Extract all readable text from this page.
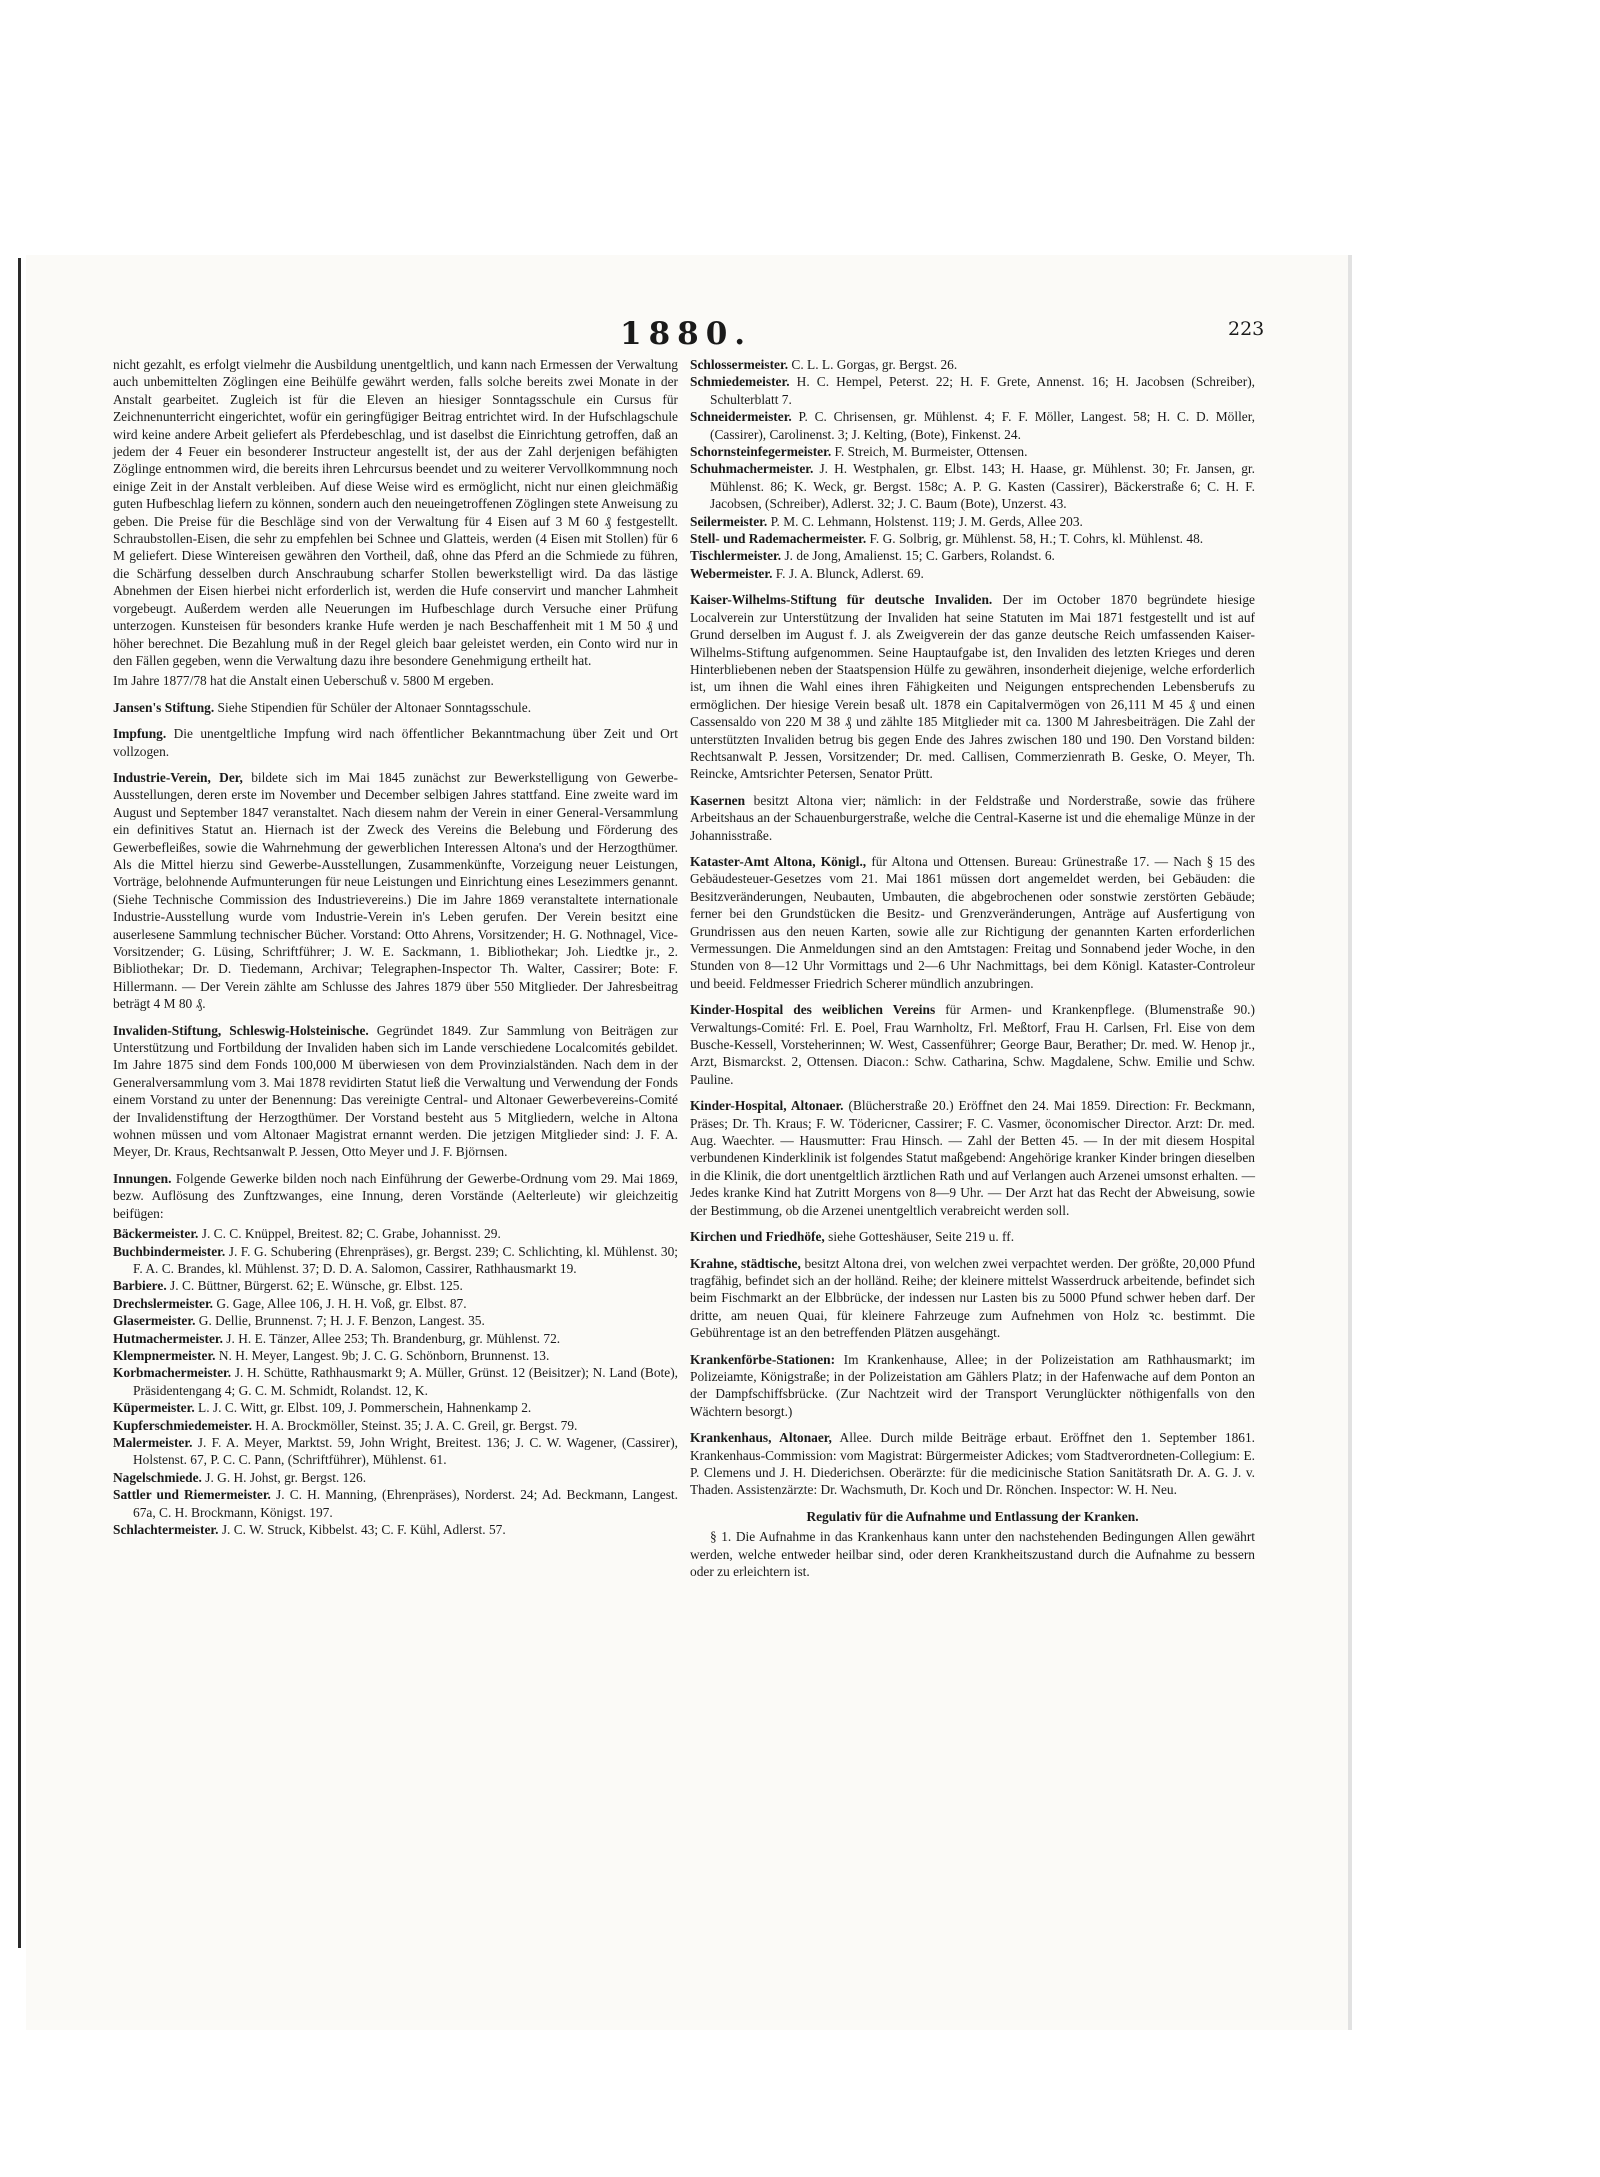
1880.	223

nicht gezahlt, es erfolgt vielmehr die Ausbildung unentgeltlich, und kann nach Ermessen der Verwaltung auch unbemittelten Zöglingen eine Beihülfe gewährt werden, falls solche bereits zwei Monate in der Anstalt gearbeitet. Zugleich ist für die Eleven an hiesiger Sonntagsschule ein Cursus für Zeichnenunterricht eingerichtet, wofür ein geringfügiger Beitrag entrichtet wird. In der Hufschlagschule wird keine andere Arbeit geliefert als Pferdebeschlag, und ist daselbst die Einrichtung getroffen, daß an jedem der 4 Feuer ein besonderer Instructeur angestellt ist, der aus der Zahl derjenigen befähigten Zöglinge entnommen wird, die bereits ihren Lehrcursus beendet und zu weiterer Vervollkommnung noch einige Zeit in der Anstalt verbleiben. Auf diese Weise wird es ermöglicht, nicht nur einen gleichmäßig guten Hufbeschlag liefern zu können, sondern auch den neueingetroffenen Zöglingen stete Anweisung zu geben. Die Preise für die Beschläge sind von der Verwaltung für 4 Eisen auf 3 M 60 ₰ festgestellt. Schraubstollen-Eisen, die sehr zu empfehlen bei Schnee und Glatteis, werden (4 Eisen mit Stollen) für 6 M geliefert. Diese Wintereisen gewähren den Vortheil, daß, ohne das Pferd an die Schmiede zu führen, die Schärfung desselben durch Anschraubung scharfer Stollen bewerkstelligt wird. Da das lästige Abnehmen der Eisen hierbei nicht erforderlich ist, werden die Hufe conservirt und mancher Lahmheit vorgebeugt. Außerdem werden alle Neuerungen im Hufbeschlage durch Versuche einer Prüfung unterzogen. Kunsteisen für besonders kranke Hufe werden je nach Beschaffenheit mit 1 M 50 ₰ und höher berechnet. Die Bezahlung muß in der Regel gleich baar geleistet werden, ein Conto wird nur in den Fällen gegeben, wenn die Verwaltung dazu ihre besondere Genehmigung ertheilt hat.

Im Jahre 1877/78 hat die Anstalt einen Ueberschuß v. 5800 M ergeben.

Jansen's Stiftung. Siehe Stipendien für Schüler der Altonaer Sonntagsschule.

Impfung. Die unentgeltliche Impfung wird nach öffentlicher Bekanntmachung über Zeit und Ort vollzogen.

Industrie-Verein, Der, bildete sich im Mai 1845 zunächst zur Bewerkstelligung von Gewerbe-Ausstellungen, deren erste im November und December selbigen Jahres stattfand. Eine zweite ward im August und September 1847 veranstaltet. Nach diesem nahm der Verein in einer General-Versammlung ein definitives Statut an. Hiernach ist der Zweck des Vereins die Belebung und Förderung des Gewerbefleißes, sowie die Wahrnehmung der gewerblichen Interessen Altona's und der Herzogthümer. Als die Mittel hierzu sind Gewerbe-Ausstellungen, Zusammenkünfte, Vorzeigung neuer Leistungen, Vorträge, belohnende Aufmunterungen für neue Leistungen und Einrichtung eines Lesezimmers genannt. (Siehe Technische Commission des Industrievereins.) Die im Jahre 1869 veranstaltete internationale Industrie-Ausstellung wurde vom Industrie-Verein in's Leben gerufen. Der Verein besitzt eine auserlesene Sammlung technischer Bücher. Vorstand: Otto Ahrens, Vorsitzender; H. G. Nothnagel, Vice-Vorsitzender; G. Lüsing, Schriftführer; J. W. E. Sackmann, 1. Bibliothekar; Joh. Liedtke jr., 2. Bibliothekar; Dr. D. Tiedemann, Archivar; Telegraphen-Inspector Th. Walter, Cassirer; Bote: F. Hillermann. — Der Verein zählte am Schlusse des Jahres 1879 über 550 Mitglieder. Der Jahresbeitrag beträgt 4 M 80 ₰.

Invaliden-Stiftung, Schleswig-Holsteinische. Gegründet 1849. Zur Sammlung von Beiträgen zur Unterstützung und Fortbildung der Invaliden haben sich im Lande verschiedene Localcomités gebildet. Im Jahre 1875 sind dem Fonds 100,000 M überwiesen von dem Provinzialständen. Nach dem in der Generalversammlung vom 3. Mai 1878 revidirten Statut ließ die Verwaltung und Verwendung der Fonds einem Vorstand zu unter der Benennung: Das vereinigte Central- und Altonaer Gewerbevereins-Comité der Invalidenstiftung der Herzogthümer. Der Vorstand besteht aus 5 Mitgliedern, welche in Altona wohnen müssen und vom Altonaer Magistrat ernannt werden. Die jetzigen Mitglieder sind: J. F. A. Meyer, Dr. Kraus, Rechtsanwalt P. Jessen, Otto Meyer und J. F. Björnsen.

Innungen. Folgende Gewerke bilden noch nach Einführung der Gewerbe-Ordnung vom 29. Mai 1869, bezw. Auflösung des Zunftzwanges, eine Innung, deren Vorstände (Aelterleute) wir gleichzeitig beifügen:

Bäckermeister. J. C. C. Knüppel, Breitest. 82; C. Grabe, Johannisst. 29.

Buchbindermeister. J. F. G. Schubering (Ehrenpräses), gr. Bergst. 239; C. Schlichting, kl. Mühlenst. 30; F. A. C. Brandes, kl. Mühlenst. 37; D. D. A. Salomon, Cassirer, Rathhausmarkt 19.

Barbiere. J. C. Büttner, Bürgerst. 62; E. Wünsche, gr. Elbst. 125.

Drechslermeister. G. Gage, Allee 106, J. H. H. Voß, gr. Elbst. 87.

Glasermeister. G. Dellie, Brunnenst. 7; H. J. F. Benzon, Langest. 35.

Hutmachermeister. J. H. E. Tänzer, Allee 253; Th. Brandenburg, gr. Mühlenst. 72.

Klempnermeister. N. H. Meyer, Langest. 9b; J. C. G. Schönborn, Brunnenst. 13.

Korbmachermeister. J. H. Schütte, Rathhausmarkt 9; A. Müller, Grünst. 12 (Beisitzer); N. Land (Bote), Präsidentengang 4; G. C. M. Schmidt, Rolandst. 12, K.

Küpermeister. L. J. C. Witt, gr. Elbst. 109, J. Pommerschein, Hahnenkamp 2.

Kupferschmiedemeister. H. A. Brockmöller, Steinst. 35; J. A. C. Greil, gr. Bergst. 79.

Malermeister. J. F. A. Meyer, Marktst. 59, John Wright, Breitest. 136; J. C. W. Wagener, (Cassirer), Holstenst. 67, P. C. C. Pann, (Schriftführer), Mühlenst. 61.

Nagelschmiede. J. G. H. Johst, gr. Bergst. 126.

Sattler und Riemermeister. J. C. H. Manning, (Ehrenpräses), Norderst. 24; Ad. Beckmann, Langest. 67a, C. H. Brockmann, Königst. 197.

Schlachtermeister. J. C. W. Struck, Kibbelst. 43; C. F. Kühl, Adlerst. 57.

Schlossermeister. C. L. L. Gorgas, gr. Bergst. 26.

Schmiedemeister. H. C. Hempel, Peterst. 22; H. F. Grete, Annenst. 16; H. Jacobsen (Schreiber), Schulterblatt 7.

Schneidermeister. P. C. Chrisensen, gr. Mühlenst. 4; F. F. Möller, Langest. 58; H. C. D. Möller, (Cassirer), Carolinenst. 3; J. Kelting, (Bote), Finkenst. 24.

Schornsteinfegermeister. F. Streich, M. Burmeister, Ottensen.

Schuhmachermeister. J. H. Westphalen, gr. Elbst. 143; H. Haase, gr. Mühlenst. 30; Fr. Jansen, gr. Mühlenst. 86; K. Weck, gr. Bergst. 158c; A. P. G. Kasten (Cassirer), Bäckerstraße 6; C. H. F. Jacobsen, (Schreiber), Adlerst. 32; J. C. Baum (Bote), Unzerst. 43.

Seilermeister. P. M. C. Lehmann, Holstenst. 119; J. M. Gerds, Allee 203.

Stell- und Rademachermeister. F. G. Solbrig, gr. Mühlenst. 58, H.; T. Cohrs, kl. Mühlenst. 48.

Tischlermeister. J. de Jong, Amalienst. 15; C. Garbers, Rolandst. 6.

Webermeister. F. J. A. Blunck, Adlerst. 69.

Kaiser-Wilhelms-Stiftung für deutsche Invaliden. Der im October 1870 begründete hiesige Localverein zur Unterstützung der Invaliden hat seine Statuten im Mai 1871 festgestellt und ist auf Grund derselben im August f. J. als Zweigverein der das ganze deutsche Reich umfassenden Kaiser-Wilhelms-Stiftung aufgenommen. Seine Hauptaufgabe ist, den Invaliden des letzten Krieges und deren Hinterbliebenen neben der Staatspension Hülfe zu gewähren, insonderheit diejenige, welche erforderlich ist, um ihnen die Wahl eines ihren Fähigkeiten und Neigungen entsprechenden Lebensberufs zu ermöglichen. Der hiesige Verein besaß ult. 1878 ein Capitalvermögen von 26,111 M 45 ₰ und einen Cassensaldo von 220 M 38 ₰ und zählte 185 Mitglieder mit ca. 1300 M Jahresbeiträgen. Die Zahl der unterstützten Invaliden betrug bis gegen Ende des Jahres zwischen 180 und 190. Den Vorstand bilden: Rechtsanwalt P. Jessen, Vorsitzender; Dr. med. Callisen, Commerzienrath B. Geske, O. Meyer, Th. Reincke, Amtsrichter Petersen, Senator Prütt.

Kasernen besitzt Altona vier; nämlich: in der Feldstraße und Norderstraße, sowie das frühere Arbeitshaus an der Schauenburgerstraße, welche die Central-Kaserne ist und die ehemalige Münze in der Johannisstraße.

Kataster-Amt Altona, Königl., für Altona und Ottensen. Bureau: Grünestraße 17. — Nach § 15 des Gebäudesteuer-Gesetzes vom 21. Mai 1861 müssen dort angemeldet werden, bei Gebäuden: die Besitzveränderungen, Neubauten, Umbauten, die abgebrochenen oder sonstwie zerstörten Gebäude; ferner bei den Grundstücken die Besitz- und Grenzveränderungen, Anträge auf Ausfertigung von Grundrissen aus den neuen Karten, sowie alle zur Richtigung der genannten Karten erforderlichen Vermessungen. Die Anmeldungen sind an den Amtstagen: Freitag und Sonnabend jeder Woche, in den Stunden von 8—12 Uhr Vormittags und 2—6 Uhr Nachmittags, bei dem Königl. Kataster-Controleur und beeid. Feldmesser Friedrich Scherer mündlich anzubringen.

Kinder-Hospital des weiblichen Vereins für Armen- und Krankenpflege. (Blumenstraße 90.) Verwaltungs-Comité: Frl. E. Poel, Frau Warnholtz, Frl. Meßtorf, Frau H. Carlsen, Frl. Eise von dem Busche-Kessell, Vorsteherinnen; W. West, Cassenführer; George Baur, Berather; Dr. med. W. Henop jr., Arzt, Bismarckst. 2, Ottensen. Diacon.: Schw. Catharina, Schw. Magdalene, Schw. Emilie und Schw. Pauline.

Kinder-Hospital, Altonaer. (Blücherstraße 20.) Eröffnet den 24. Mai 1859. Direction: Fr. Beckmann, Präses; Dr. Th. Kraus; F. W. Tödericner, Cassirer; F. C. Vasmer, öconomischer Director. Arzt: Dr. med. Aug. Waechter. — Hausmutter: Frau Hinsch. — Zahl der Betten 45. — In der mit diesem Hospital verbundenen Kinderklinik ist folgendes Statut maßgebend: Angehörige kranker Kinder bringen dieselben in die Klinik, die dort unentgeltlich ärztlichen Rath und auf Verlangen auch Arzenei umsonst erhalten. — Jedes kranke Kind hat Zutritt Morgens von 8—9 Uhr. — Der Arzt hat das Recht der Abweisung, sowie der Bestimmung, ob die Arzenei unentgeltlich verabreicht werden soll.

Kirchen und Friedhöfe, siehe Gotteshäuser, Seite 219 u. ff.

Krahne, städtische, besitzt Altona drei, von welchen zwei verpachtet werden. Der größte, 20,000 Pfund tragfähig, befindet sich an der holländ. Reihe; der kleinere mittelst Wasserdruck arbeitende, befindet sich beim Fischmarkt an der Elbbrücke, der indessen nur Lasten bis zu 5000 Pfund schwer heben darf. Der dritte, am neuen Quai, für kleinere Fahrzeuge zum Aufnehmen von Holz ꝛc. bestimmt. Die Gebührentage ist an den betreffenden Plätzen ausgehängt.

Krankenförbe-Stationen: Im Krankenhause, Allee; in der Polizeistation am Rathhausmarkt; im Polizeiamte, Königstraße; in der Polizeistation am Gählers Platz; in der Hafenwache auf dem Ponton an der Dampfschiffsbrücke. (Zur Nachtzeit wird der Transport Verunglückter nöthigenfalls von den Wächtern besorgt.)

Krankenhaus, Altonaer, Allee. Durch milde Beiträge erbaut. Eröffnet den 1. September 1861. Krankenhaus-Commission: vom Magistrat: Bürgermeister Adickes; vom Stadtverordneten-Collegium: E. P. Clemens und J. H. Diederichsen. Oberärzte: für die medicinische Station Sanitätsrath Dr. A. G. J. v. Thaden. Assistenzärzte: Dr. Wachsmuth, Dr. Koch und Dr. Rönchen. Inspector: W. H. Neu.

Regulativ für die Aufnahme und Entlassung der Kranken.

§ 1. Die Aufnahme in das Krankenhaus kann unter den nachstehenden Bedingungen Allen gewährt werden, welche entweder heilbar sind, oder deren Krankheitszustand durch die Aufnahme zu bessern oder zu erleichtern ist.
